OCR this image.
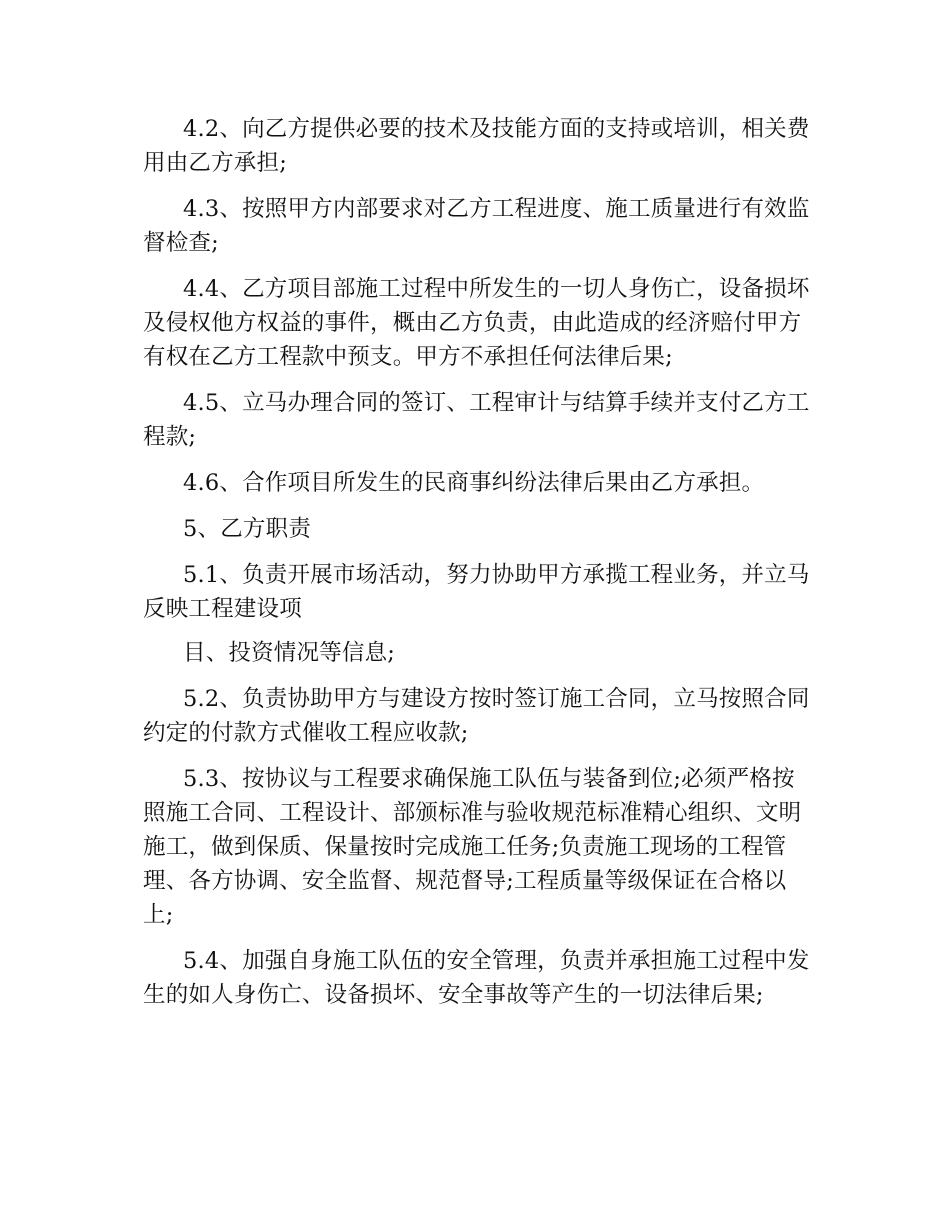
4.2、向乙方提供必要的技术及技能方面的支持或培训，相关费用由乙方承担;

4.3、按照甲方内部要求对乙方工程进度、施工质量进行有效监督检查;

4.4、乙方项目部施工过程中所发生的一切人身伤亡，设备损坏及侵权他方权益的事件，概由乙方负责，由此造成的经济赔付甲方有权在乙方工程款中预支。甲方不承担任何法律后果;

4.5、立马办理合同的签订、工程审计与结算手续并支付乙方工程款;

4.6、合作项目所发生的民商事纠纷法律后果由乙方承担。

5、乙方职责

5.1、负责开展市场活动，努力协助甲方承揽工程业务，并立马反映工程建设项

目、投资情况等信息;

5.2、负责协助甲方与建设方按时签订施工合同，立马按照合同约定的付款方式催收工程应收款;

5.3、按协议与工程要求确保施工队伍与装备到位;必须严格按照施工合同、工程设计、部颁标准与验收规范标准精心组织、文明施工，做到保质、保量按时完成施工任务;负责施工现场的工程管理、各方协调、安全监督、规范督导;工程质量等级保证在合格以上;

5.4、加强自身施工队伍的安全管理，负责并承担施工过程中发生的如人身伤亡、设备损坏、安全事故等产生的一切法律后果;
